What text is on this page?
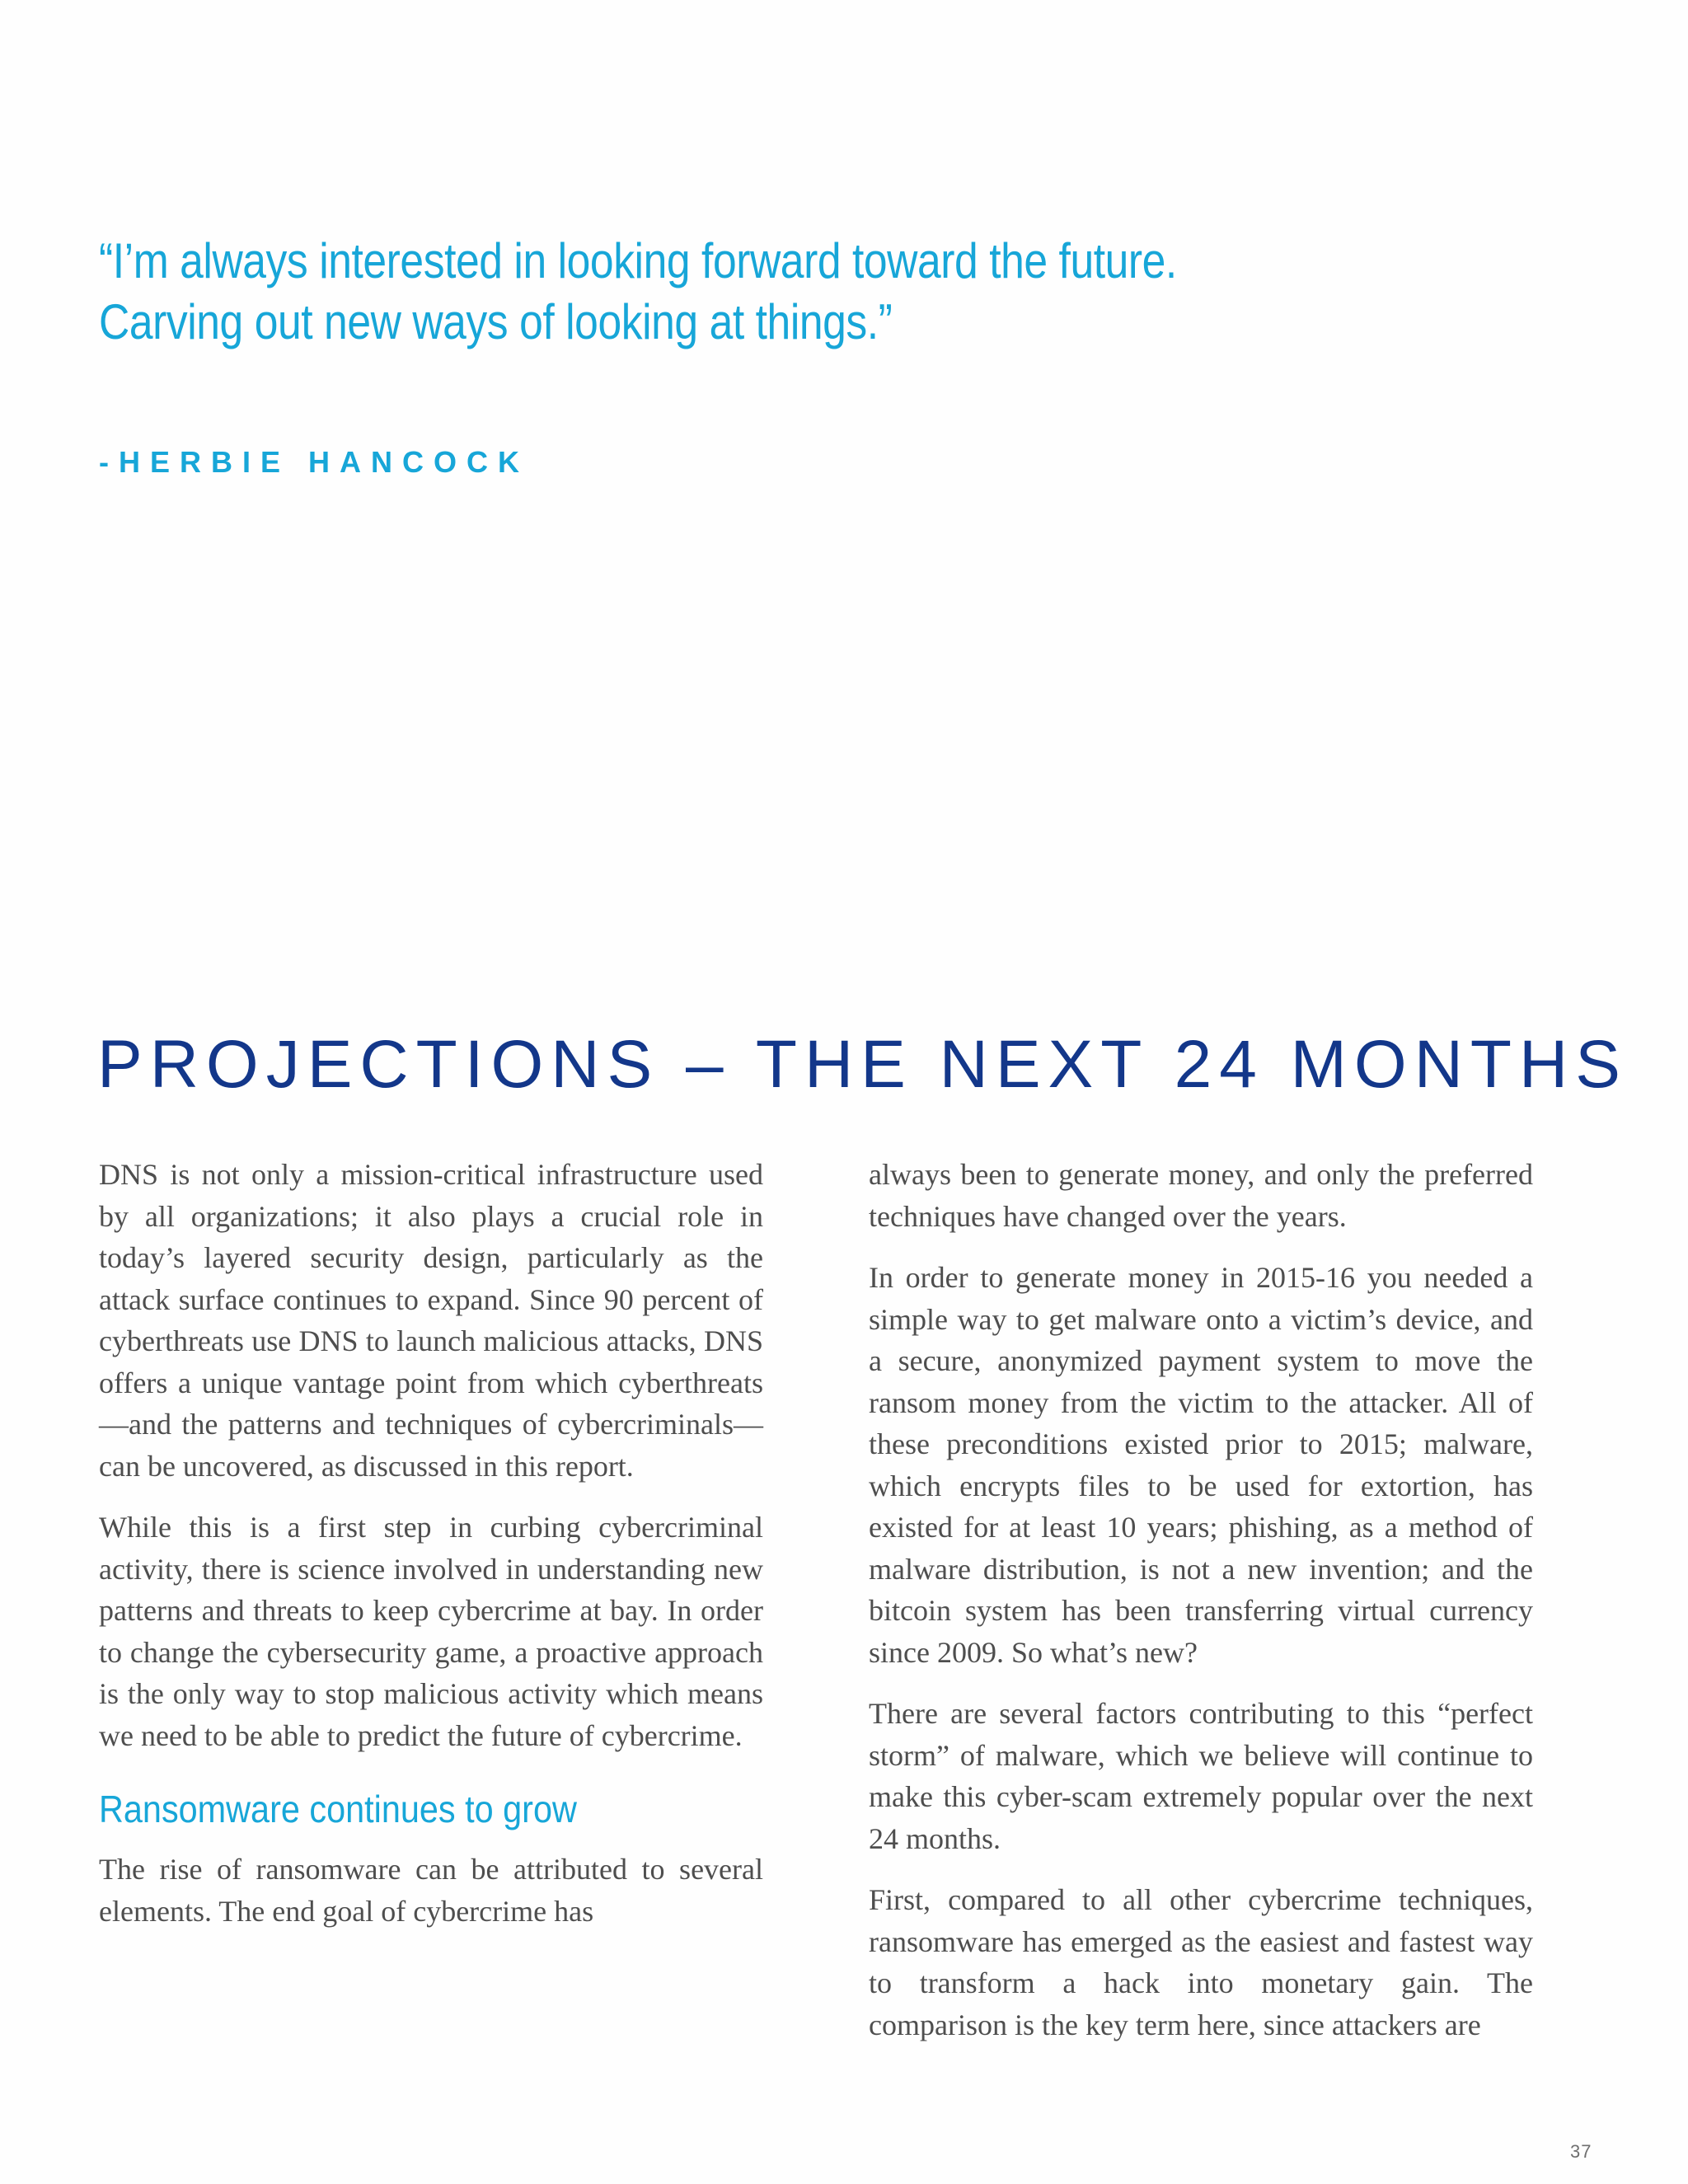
“I’m always interested in looking forward toward the future.
Carving out new ways of looking at things.”
-HERBIE HANCOCK
PROJECTIONS – THE NEXT 24 MONTHS

DNS is not only a mission-critical infrastructure used by all organizations; it also plays a crucial role in today’s layered security design, particularly as the attack surface continues to expand. Since 90 percent of cyberthreats use DNS to launch malicious attacks, DNS offers a unique vantage point from which cyberthreats—and the patterns and techniques of cybercriminals—can be uncovered, as discussed in this report.

While this is a first step in curbing cybercriminal activity, there is science involved in understanding new patterns and threats to keep cybercrime at bay. In order to change the cybersecurity game, a proactive approach is the only way to stop malicious activity which means we need to be able to predict the future of cybercrime.

Ransomware continues to grow

The rise of ransomware can be attributed to several elements. The end goal of cybercrime has

always been to generate money, and only the preferred techniques have changed over the years.

In order to generate money in 2015-16 you needed a simple way to get malware onto a victim’s device, and a secure, anonymized payment system to move the ransom money from the victim to the attacker. All of these preconditions existed prior to 2015; malware, which encrypts files to be used for extortion, has existed for at least 10 years; phishing, as a method of malware distribution, is not a new invention; and the bitcoin system has been transferring virtual currency since 2009. So what’s new?

There are several factors contributing to this “perfect storm” of malware, which we believe will continue to make this cyber-scam extremely popular over the next 24 months.

First, compared to all other cybercrime techniques, ransomware has emerged as the easiest and fastest way to transform a hack into monetary gain. The comparison is the key term here, since attackers are

37
